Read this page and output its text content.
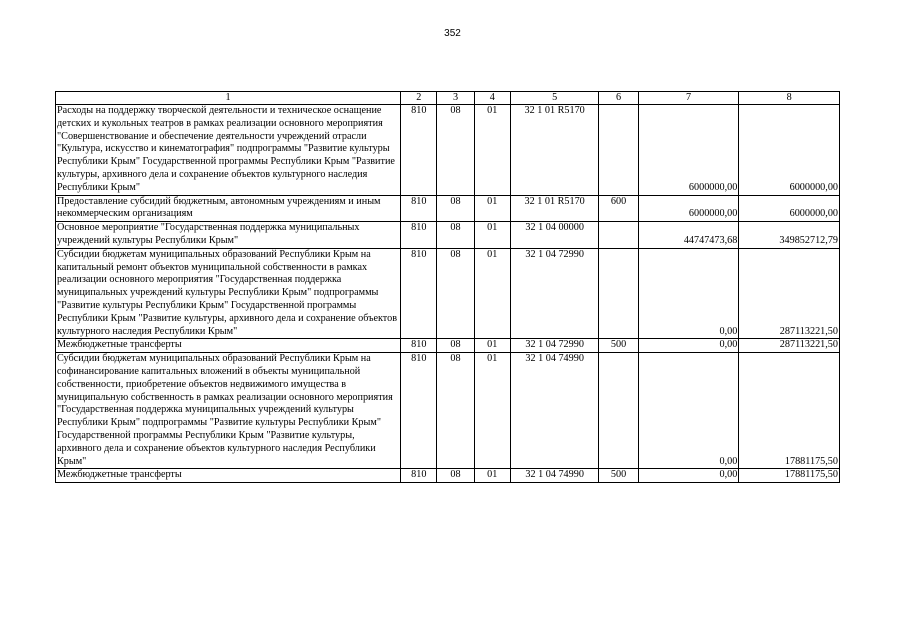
352
1	2	3	4	5	6	7	8
Расходы на поддержку творческой деятельности и техническое оснащение детских и кукольных театров в рамках реализации основного мероприятия "Совершенствование и обеспечение деятельности учреждений отрасли "Культура, искусство и кинематография" подпрограммы "Развитие культуры Республики Крым" Государственной программы Республики Крым "Развитие культуры, архивного дела и сохранение объектов культурного наследия Республики Крым"	810	08	01	32 1 01 R5170		6000000,00	6000000,00
Предоставление субсидий бюджетным, автономным учреждениям и иным некоммерческим организациям	810	08	01	32 1 01 R5170	600	6000000,00	6000000,00
Основное мероприятие "Государственная поддержка муниципальных учреждений культуры Республики Крым"	810	08	01	32 1 04 00000		44747473,68	349852712,79
Субсидии бюджетам муниципальных образований Республики Крым на капитальный ремонт объектов муниципальной собственности в рамках реализации основного мероприятия "Государственная поддержка муниципальных учреждений культуры Республики Крым" подпрограммы "Развитие культуры Республики Крым" Государственной программы Республики Крым "Развитие культуры, архивного дела и сохранение объектов культурного наследия Республики Крым"	810	08	01	32 1 04 72990		0,00	287113221,50
Межбюджетные трансферты	810	08	01	32 1 04 72990	500	0,00	287113221,50
Субсидии бюджетам муниципальных образований Республики Крым на софинансирование капитальных вложений в объекты муниципальной собственности, приобретение объектов недвижимого имущества в муниципальную собственность в рамках реализации основного мероприятия "Государственная поддержка муниципальных учреждений культуры Республики Крым" подпрограммы "Развитие культуры Республики Крым" Государственной программы Республики Крым "Развитие культуры, архивного дела и сохранение объектов культурного наследия Республики Крым"	810	08	01	32 1 04 74990		0,00	17881175,50
Межбюджетные трансферты	810	08	01	32 1 04 74990	500	0,00	17881175,50
